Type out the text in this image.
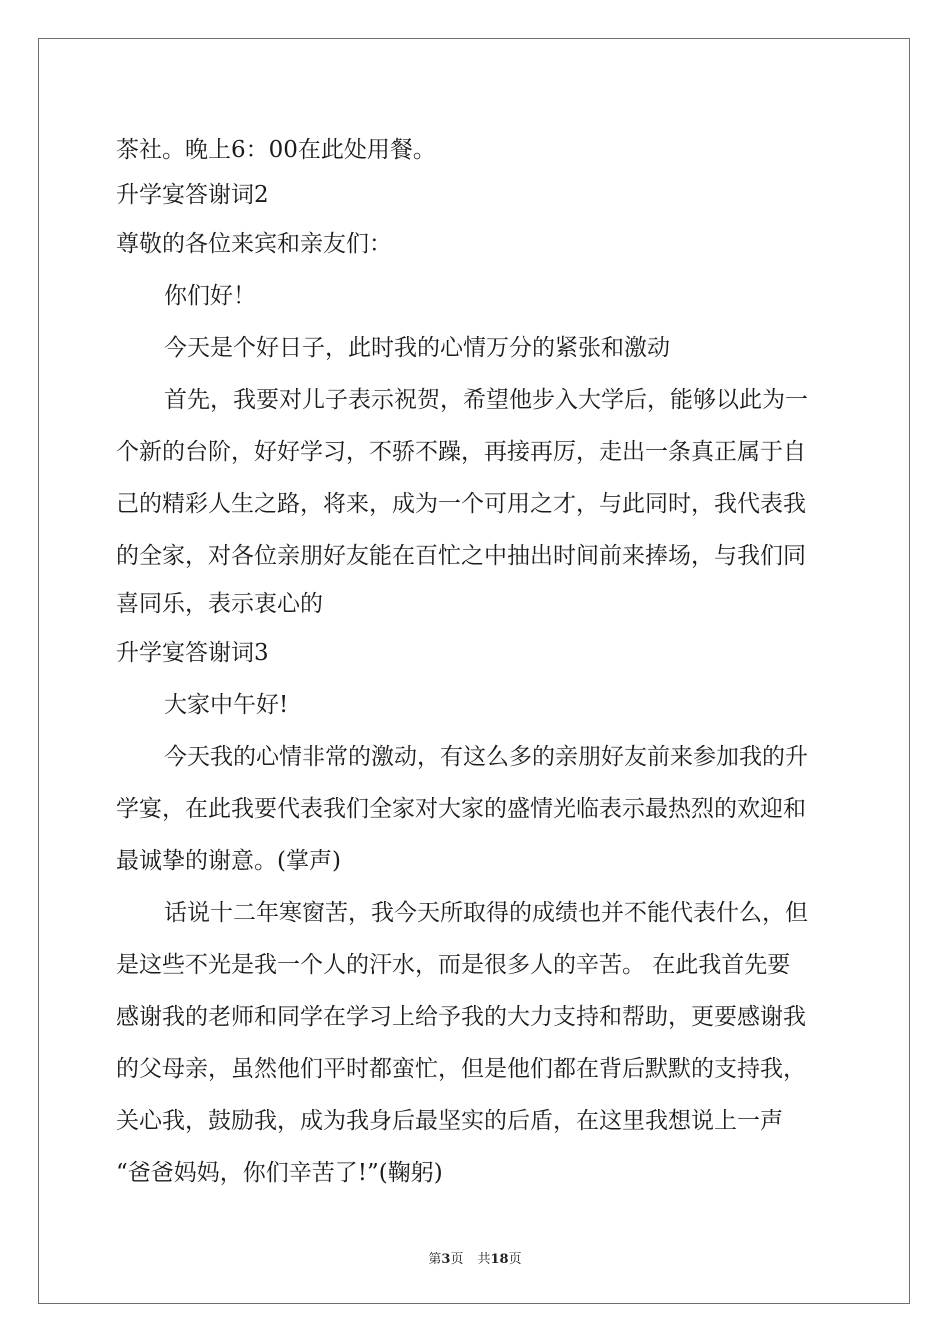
茶社。晚上6：00在此处用餐。
升学宴答谢词2
尊敬的各位来宾和亲友们：
你们好！
今天是个好日子，此时我的心情万分的紧张和激动
首先，我要对儿子表示祝贺，希望他步入大学后，能够以此为一
个新的台阶，好好学习，不骄不躁，再接再厉，走出一条真正属于自
己的精彩人生之路，将来，成为一个可用之才，与此同时，我代表我
的全家，对各位亲朋好友能在百忙之中抽出时间前来捧场，与我们同
喜同乐，表示衷心的
升学宴答谢词3
大家中午好!
今天我的心情非常的激动，有这么多的亲朋好友前来参加我的升
学宴，在此我要代表我们全家对大家的盛情光临表示最热烈的欢迎和
最诚挚的谢意。(掌声)
话说十二年寒窗苦，我今天所取得的成绩也并不能代表什么，但
是这些不光是我一个人的汗水，而是很多人的辛苦。 在此我首先要
感谢我的老师和同学在学习上给予我的大力支持和帮助，更要感谢我
的父母亲，虽然他们平时都蛮忙，但是他们都在背后默默的支持我，
关心我，鼓励我，成为我身后最坚实的后盾，在这里我想说上一声
“爸爸妈妈，你们辛苦了!”(鞠躬)
第3页 共18页
